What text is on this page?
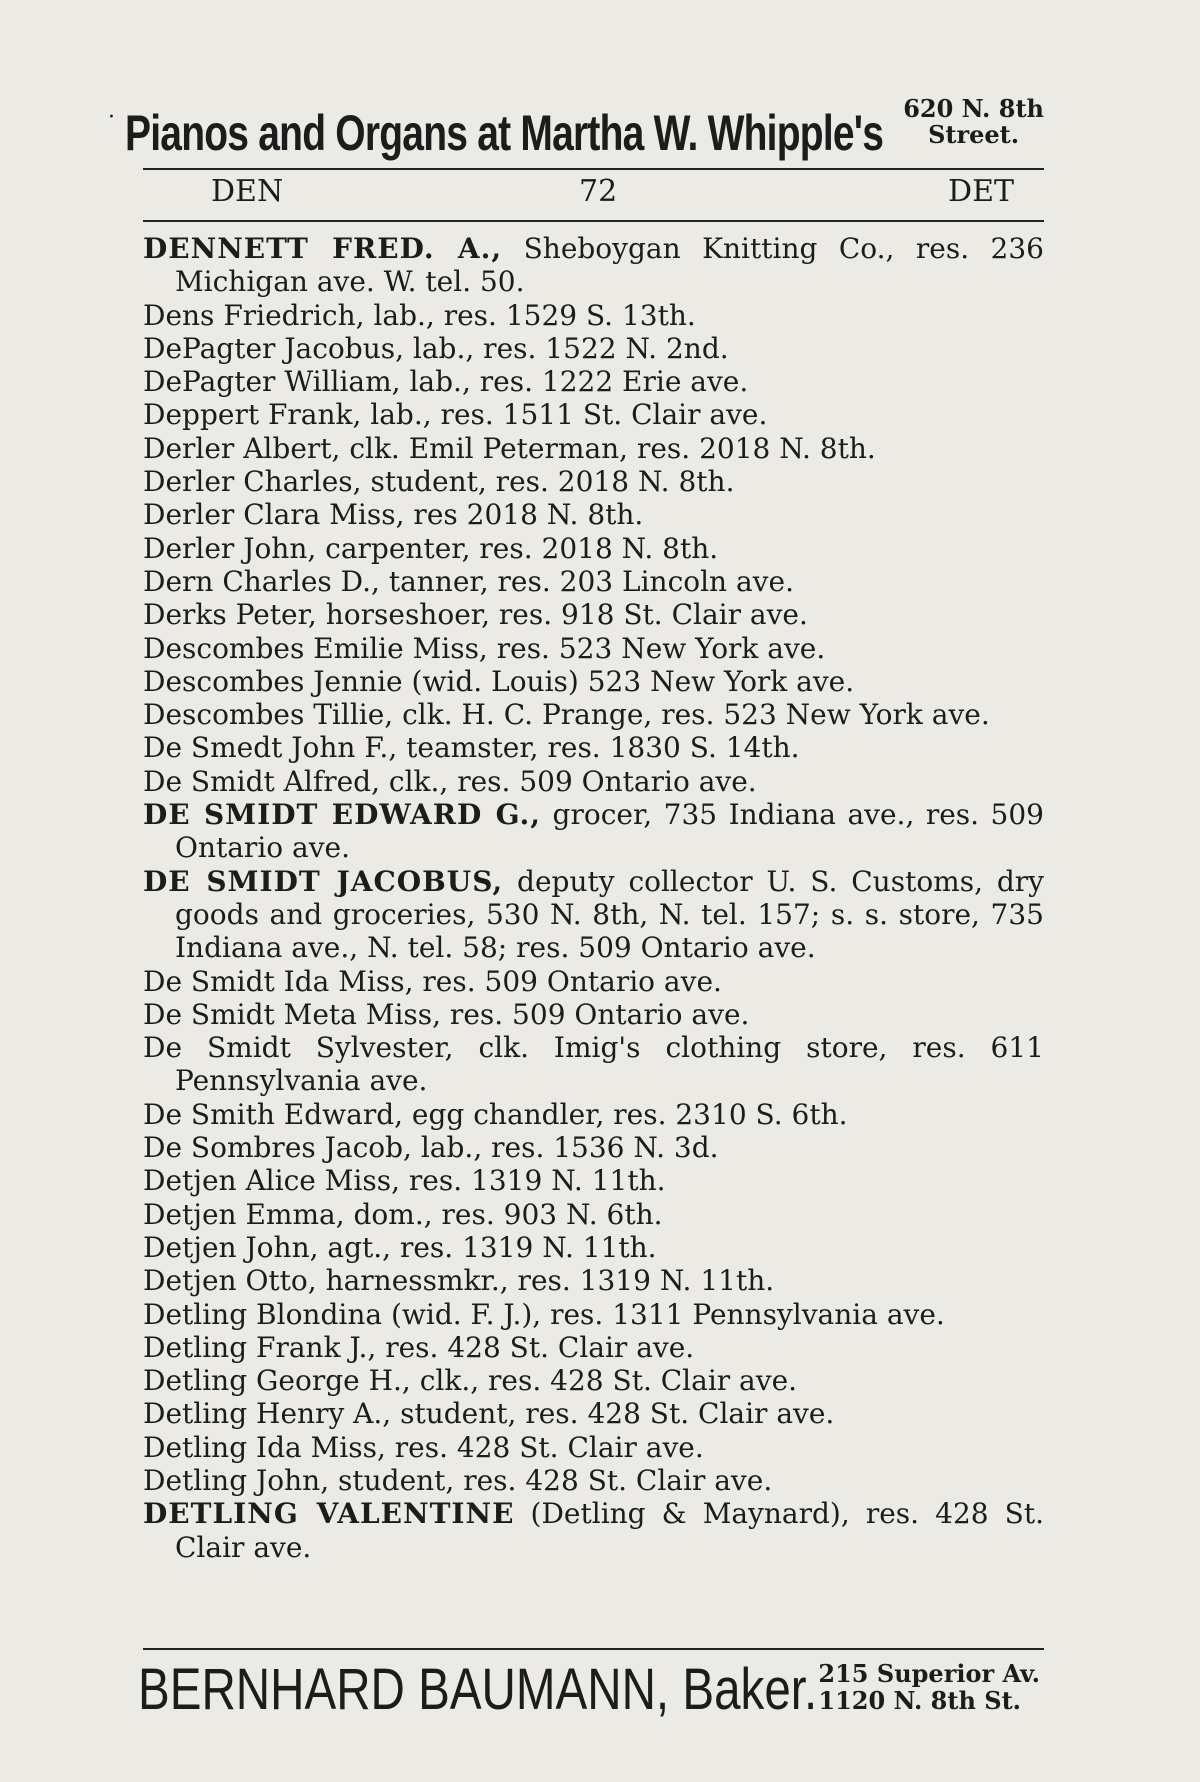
· Pianos and Organs at Martha W. Whipple's 620 N. 8th
Street.
DEN	72	DET
DENNETT FRED. A., Sheboygan Knitting Co., res. 236 Michigan ave. W. tel. 50.
Dens Friedrich, lab., res. 1529 S. 13th.
DePagter Jacobus, lab., res. 1522 N. 2nd.
DePagter William, lab., res. 1222 Erie ave.
Deppert Frank, lab., res. 1511 St. Clair ave.
Derler Albert, clk. Emil Peterman, res. 2018 N. 8th.
Derler Charles, student, res. 2018 N. 8th.
Derler Clara Miss, res 2018 N. 8th.
Derler John, carpenter, res. 2018 N. 8th.
Dern Charles D., tanner, res. 203 Lincoln ave.
Derks Peter, horseshoer, res. 918 St. Clair ave.
Descombes Emilie Miss, res. 523 New York ave.
Descombes Jennie (wid. Louis) 523 New York ave.
Descombes Tillie, clk. H. C. Prange, res. 523 New York ave.
De Smedt John F., teamster, res. 1830 S. 14th.
De Smidt Alfred, clk., res. 509 Ontario ave.
DE SMIDT EDWARD G., grocer, 735 Indiana ave., res. 509 Ontario ave.
DE SMIDT JACOBUS, deputy collector U. S. Customs, dry goods and groceries, 530 N. 8th, N. tel. 157; s. s. store, 735 Indiana ave., N. tel. 58; res. 509 Ontario ave.
De Smidt Ida Miss, res. 509 Ontario ave.
De Smidt Meta Miss, res. 509 Ontario ave.
De Smidt Sylvester, clk. Imig's clothing store, res. 611 Pennsylvania ave.
De Smith Edward, egg chandler, res. 2310 S. 6th.
De Sombres Jacob, lab., res. 1536 N. 3d.
Detjen Alice Miss, res. 1319 N. 11th.
Detjen Emma, dom., res. 903 N. 6th.
Detjen John, agt., res. 1319 N. 11th.
Detjen Otto, harnessmkr., res. 1319 N. 11th.
Detling Blondina (wid. F. J.), res. 1311 Pennsylvania ave.
Detling Frank J., res. 428 St. Clair ave.
Detling George H., clk., res. 428 St. Clair ave.
Detling Henry A., student, res. 428 St. Clair ave.
Detling Ida Miss, res. 428 St. Clair ave.
Detling John, student, res. 428 St. Clair ave.
DETLING VALENTINE (Detling & Maynard), res. 428 St. Clair ave.
BERNHARD BAUMANN, Baker. 215 Superior Av.
1120 N. 8th St.
